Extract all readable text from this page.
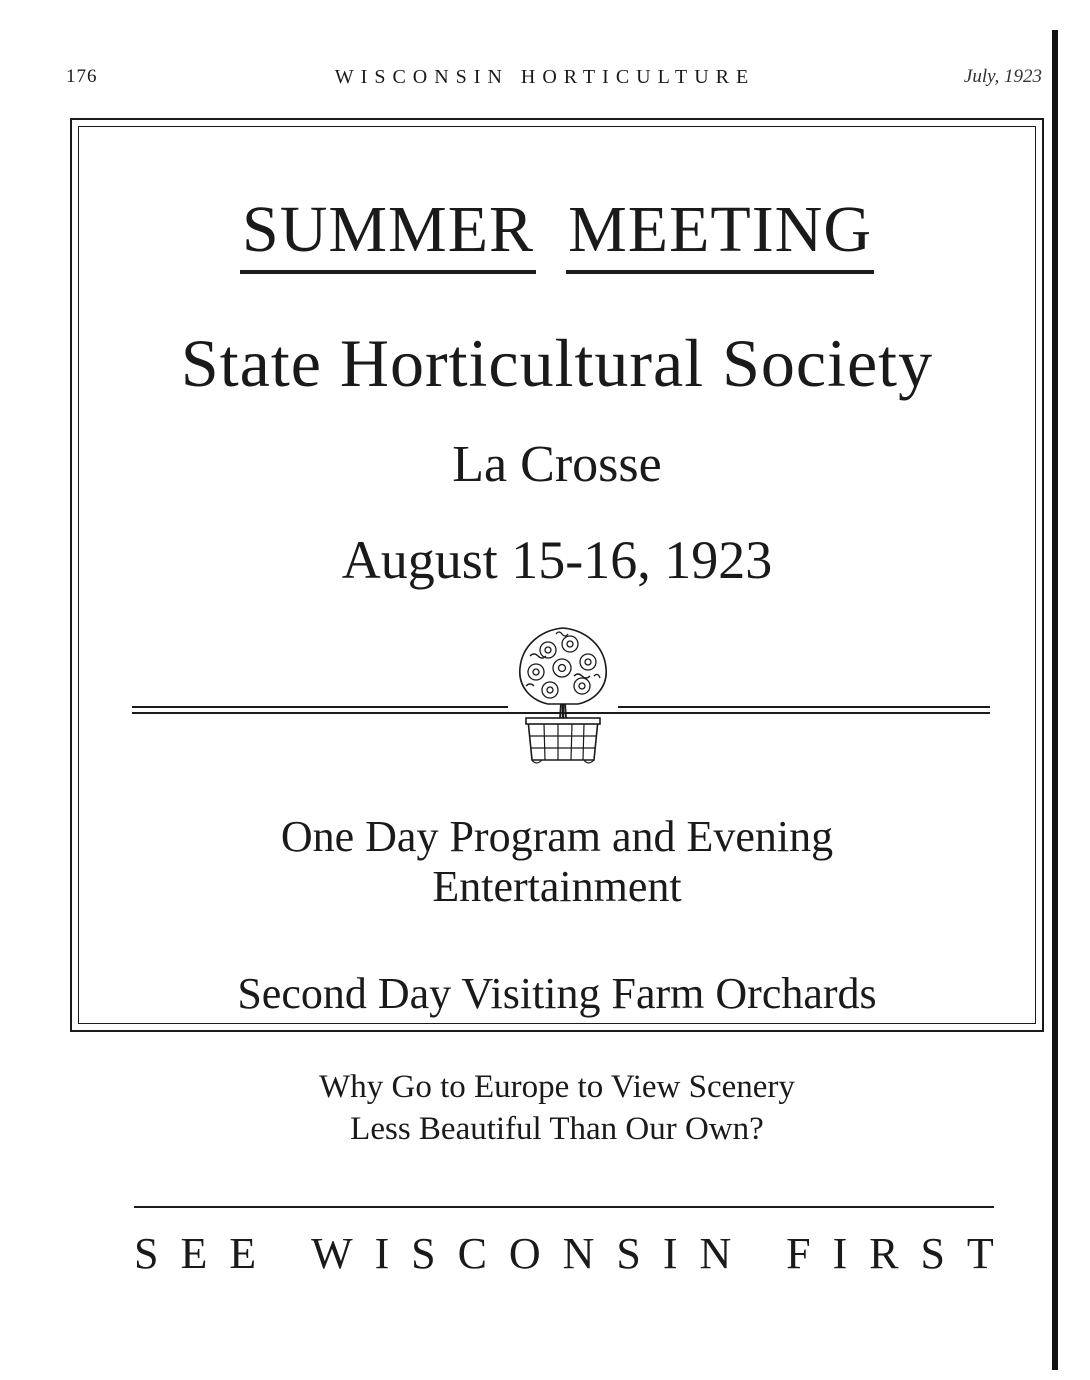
176	WISCONSIN HORTICULTURE	July, 1923
SUMMER MEETING
State Horticultural Society
La Crosse
August 15-16, 1923
One Day Program and Evening
Entertainment
Second Day Visiting Farm Orchards
Why Go to Europe to View Scenery
Less Beautiful Than Our Own?
S E E
W I S C O N S I N
F I R S T
